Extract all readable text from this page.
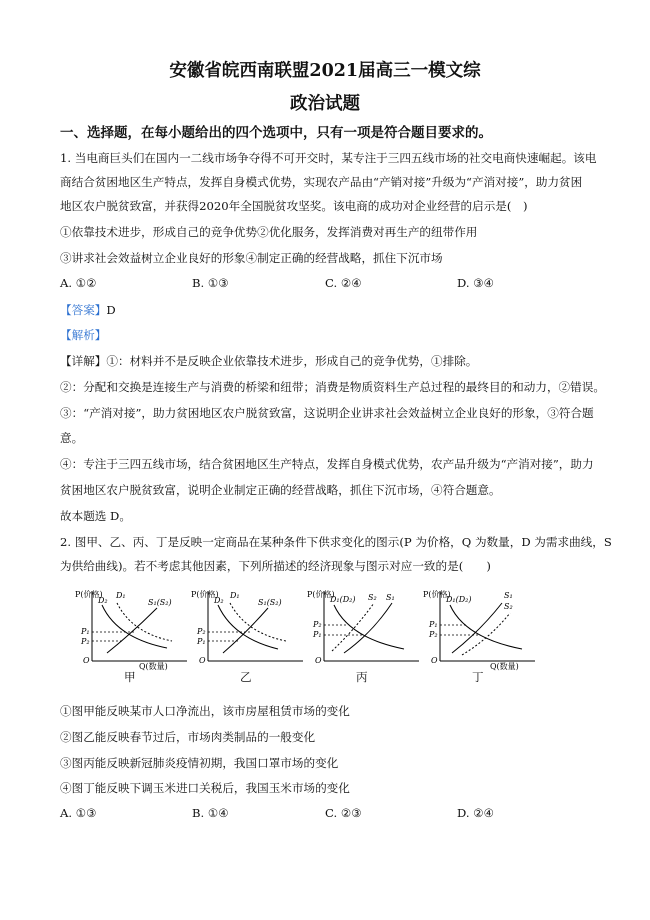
安徽省皖西南联盟2021届高三一模文综
政治试题
一、选择题，在每小题给出的四个选项中，只有一项是符合题目要求的。
1. 当电商巨头们在国内一二线市场争夺得不可开交时，某专注于三四五线市场的社交电商快速崛起。该电
商结合贫困地区生产特点，发挥自身模式优势，实现农产品由“产销对接”升级为“产消对接”，助力贫困
地区农户脱贫致富，并获得2020年全国脱贫攻坚奖。该电商的成功对企业经营的启示是(　)
①依靠技术进步，形成自己的竞争优势②优化服务，发挥消费对再生产的纽带作用
③讲求社会效益树立企业良好的形象④制定正确的经营战略，抓住下沉市场
A. ①②	B. ①③	C. ②④	D. ③④
【答案】D
【解析】
【详解】①：材料并不是反映企业依靠技术进步，形成自己的竞争优势，①排除。
②：分配和交换是连接生产与消费的桥梁和纽带；消费是物质资料生产总过程的最终目的和动力，②错误。
③：“产消对接”，助力贫困地区农户脱贫致富，这说明企业讲求社会效益树立企业良好的形象，③符合题
意。
④：专注于三四五线市场，结合贫困地区生产特点，发挥自身模式优势，农产品升级为“产消对接”，助力
贫困地区农户脱贫致富，说明企业制定正确的经营战略，抓住下沉市场，④符合题意。
故本题选 D。
2. 图甲、乙、丙、丁是反映一定商品在某种条件下供求变化的图示(P 为价格，Q 为数量，D 为需求曲线，S
为供给曲线)。若不考虑其他因素，下列所描述的经济现象与图示对应一致的是(　　)
P(价格)
Q(数量)
O
D₂
D₁
S₁(S₂)
P₁
P₂
P(价格)
O
D₂
D₁
S₁(S₂)
P₂
P₁
P(价格)
O
D₁(D₂) S₂ S₁
P₂
P₁
P(价格)
Q(数量)
O
D₁(D₂)
S₂
S₁
P₁
P₂
甲	乙	丙	丁
①图甲能反映某市人口净流出，该市房屋租赁市场的变化
②图乙能反映春节过后，市场肉类制品的一般变化
③图丙能反映新冠肺炎疫情初期，我国口罩市场的变化
④图丁能反映下调玉米进口关税后，我国玉米市场的变化
A. ①③	B. ①④	C. ②③	D. ②④
